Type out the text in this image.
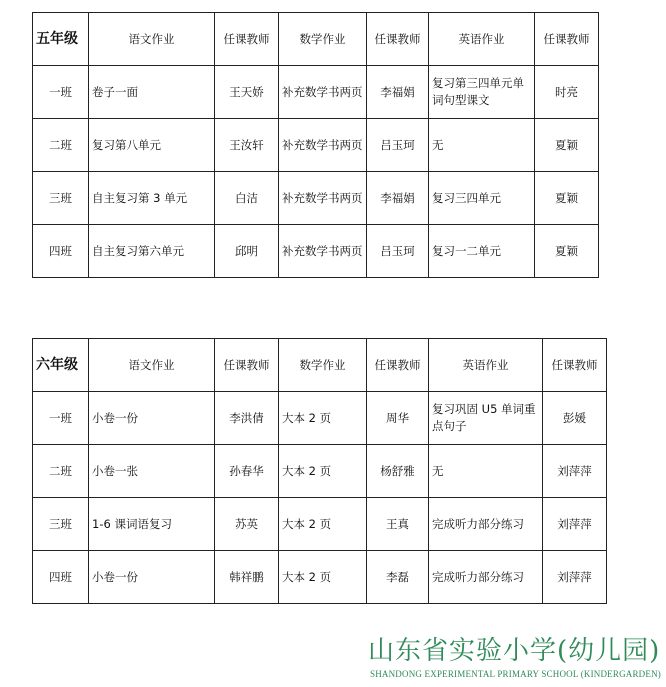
五年级	语文作业	任课教师	数学作业	任课教师	英语作业	任课教师
一班	卷子一面	王天娇	补充数学书两页	李福娟	复习第三四单元单词句型课文	时亮
二班	复习第八单元	王汝轩	补充数学书两页	吕玉珂	无	夏颖
三班	自主复习第 3 单元	白洁	补充数学书两页	李福娟	复习三四单元	夏颖
四班	自主复习第六单元	邱明	补充数学书两页	吕玉珂	复习一二单元	夏颖
六年级	语文作业	任课教师	数学作业	任课教师	英语作业	任课教师
一班	小卷一份	李洪倩	大本 2 页	周华	复习巩固 U5 单词重点句子	彭媛
二班	小卷一张	孙春华	大本 2 页	杨舒雅	无	刘萍萍
三班	1-6 课词语复习	苏英	大本 2 页	王真	完成听力部分练习	刘萍萍
四班	小卷一份	韩祥鹏	大本 2 页	李磊	完成听力部分练习	刘萍萍
山东省实验小学(幼儿园)
SHANDONG EXPERIMENTAL PRIMARY SCHOOL (KINDERGARDEN)
